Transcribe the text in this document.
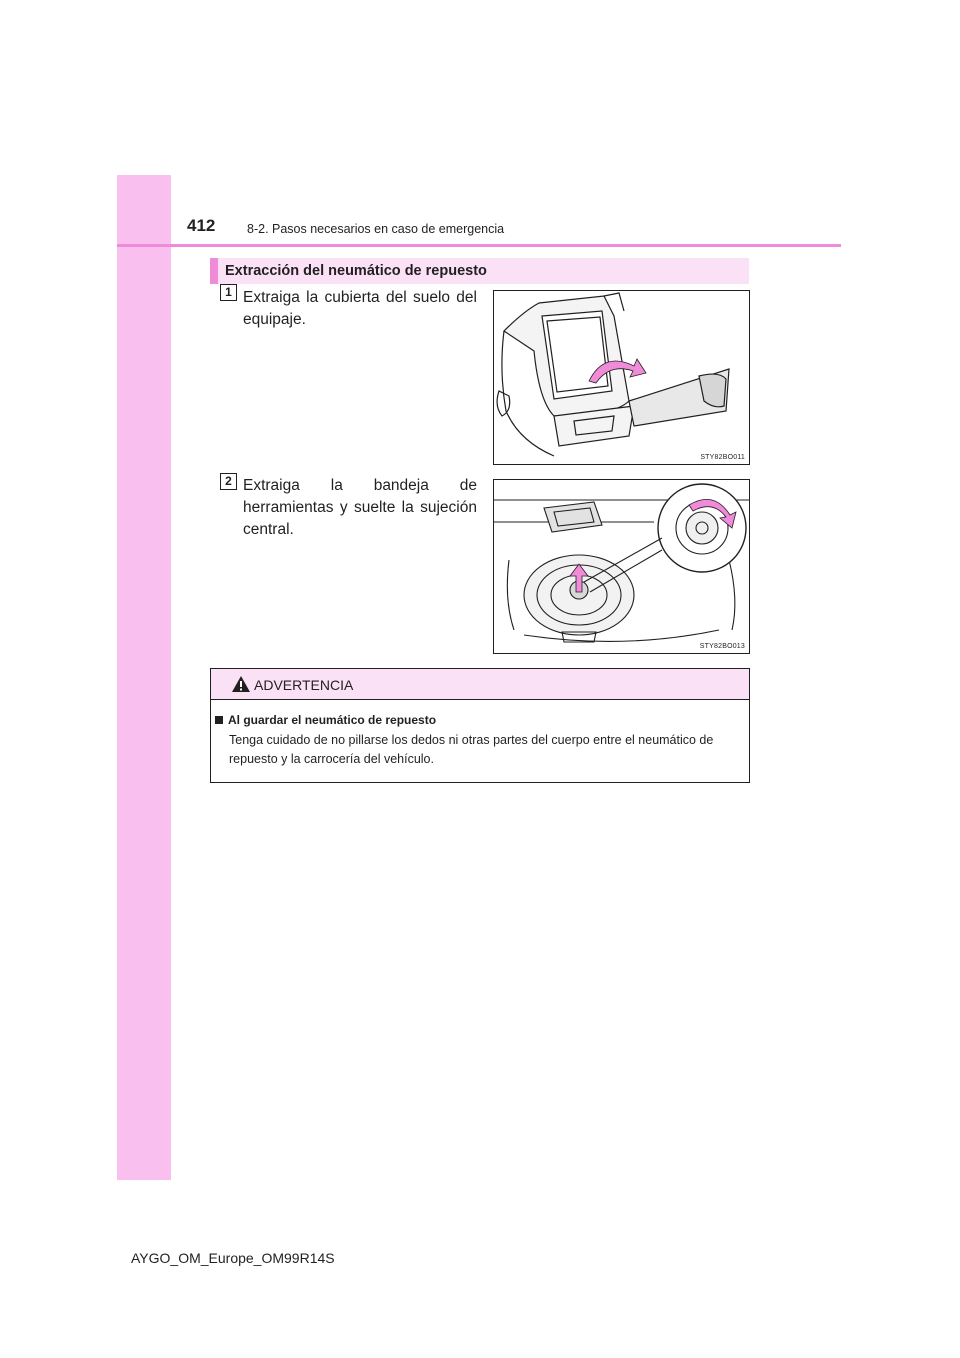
412	8-2. Pasos necesarios en caso de emergencia
Extracción del neumático de repuesto
1 Extraiga la cubierta del suelo del equipaje.
STY82BO011
2 Extraiga la bandeja de herramientas y suelte la sujeción central.
STY82BO013
ADVERTENCIA
Al guardar el neumático de repuesto
Tenga cuidado de no pillarse los dedos ni otras partes del cuerpo entre el neumático de repuesto y la carrocería del vehículo.
AYGO_OM_Europe_OM99R14S
